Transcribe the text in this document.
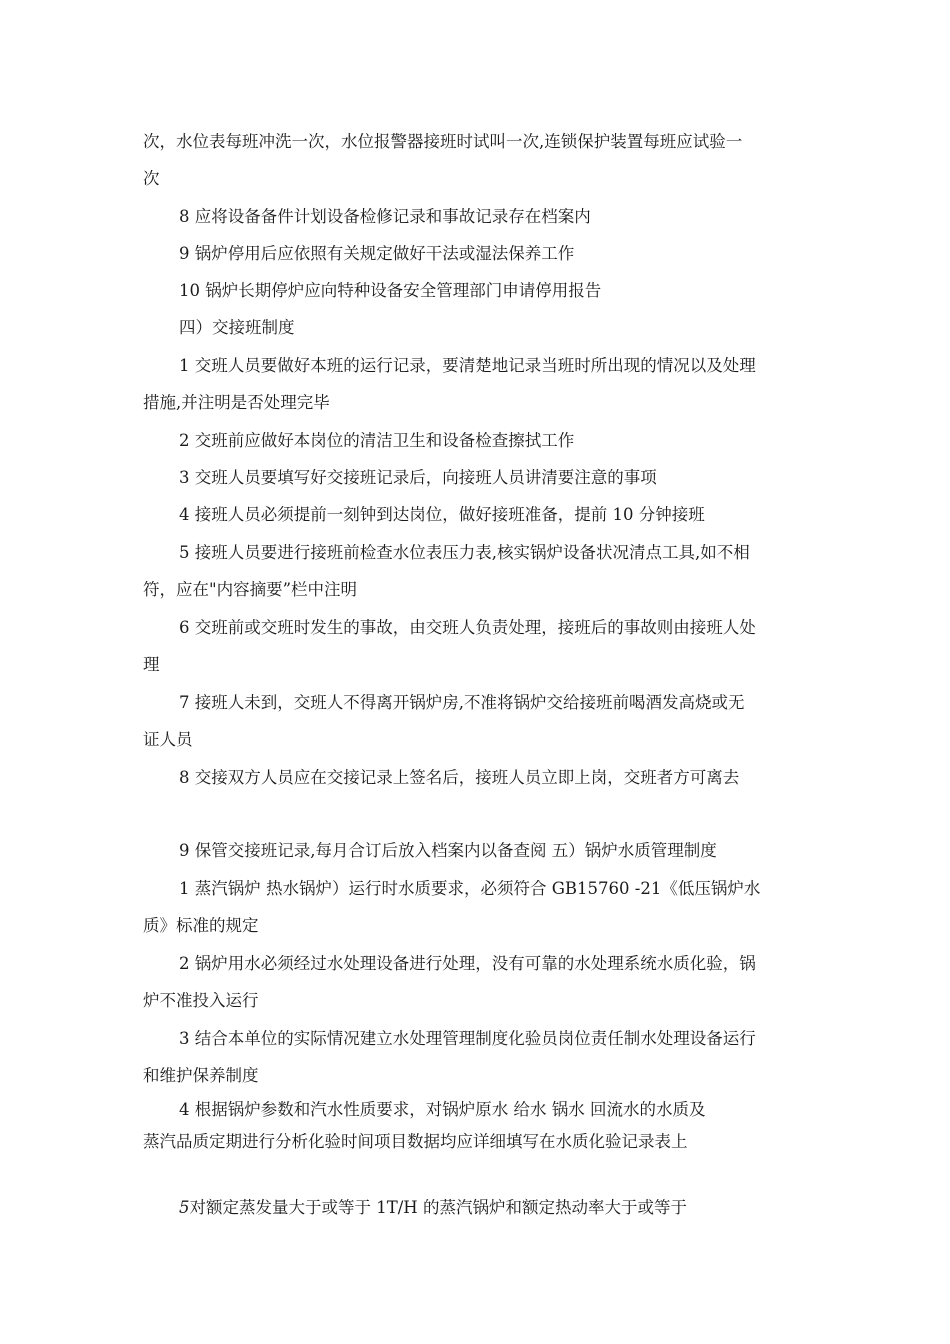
次，水位表每班冲洗一次，水位报警器接班时试叫一次,连锁保护装置每班应试验一
次

8 应将设备备件计划设备检修记录和事故记录存在档案内

9 锅炉停用后应依照有关规定做好干法或湿法保养工作

10 锅炉长期停炉应向特种设备安全管理部门申请停用报告

四）交接班制度

1 交班人员要做好本班的运行记录，要清楚地记录当班时所出现的情况以及处理
措施,并注明是否处理完毕

2 交班前应做好本岗位的清洁卫生和设备检查擦拭工作

3 交班人员要填写好交接班记录后，向接班人员讲清要注意的事项

4 接班人员必须提前一刻钟到达岗位，做好接班准备，提前 10 分钟接班

5 接班人员要进行接班前检查水位表压力表,核实锅炉设备状况清点工具,如不相
符，应在"内容摘要”栏中注明

6 交班前或交班时发生的事故，由交班人负责处理，接班后的事故则由接班人处
理

7 接班人未到，交班人不得离开锅炉房,不准将锅炉交给接班前喝酒发高烧或无
证人员

8 交接双方人员应在交接记录上签名后，接班人员立即上岗，交班者方可离去

9 保管交接班记录,每月合订后放入档案内以备查阅 五）锅炉水质管理制度

1 蒸汽锅炉 热水锅炉）运行时水质要求，必须符合 GB15760 -21《低压锅炉水
质》标准的规定

2 锅炉用水必须经过水处理设备进行处理，没有可靠的水处理系统水质化验，锅
炉不准投入运行

3 结合本单位的实际情况建立水处理管理制度化验员岗位责任制水处理设备运行
和维护保养制度

4 根据锅炉参数和汽水性质要求，对锅炉原水 给水 锅水 回流水的水质及
蒸汽品质定期进行分析化验时间项目数据均应详细填写在水质化验记录表上

5对额定蒸发量大于或等于 1T/H 的蒸汽锅炉和额定热动率大于或等于
